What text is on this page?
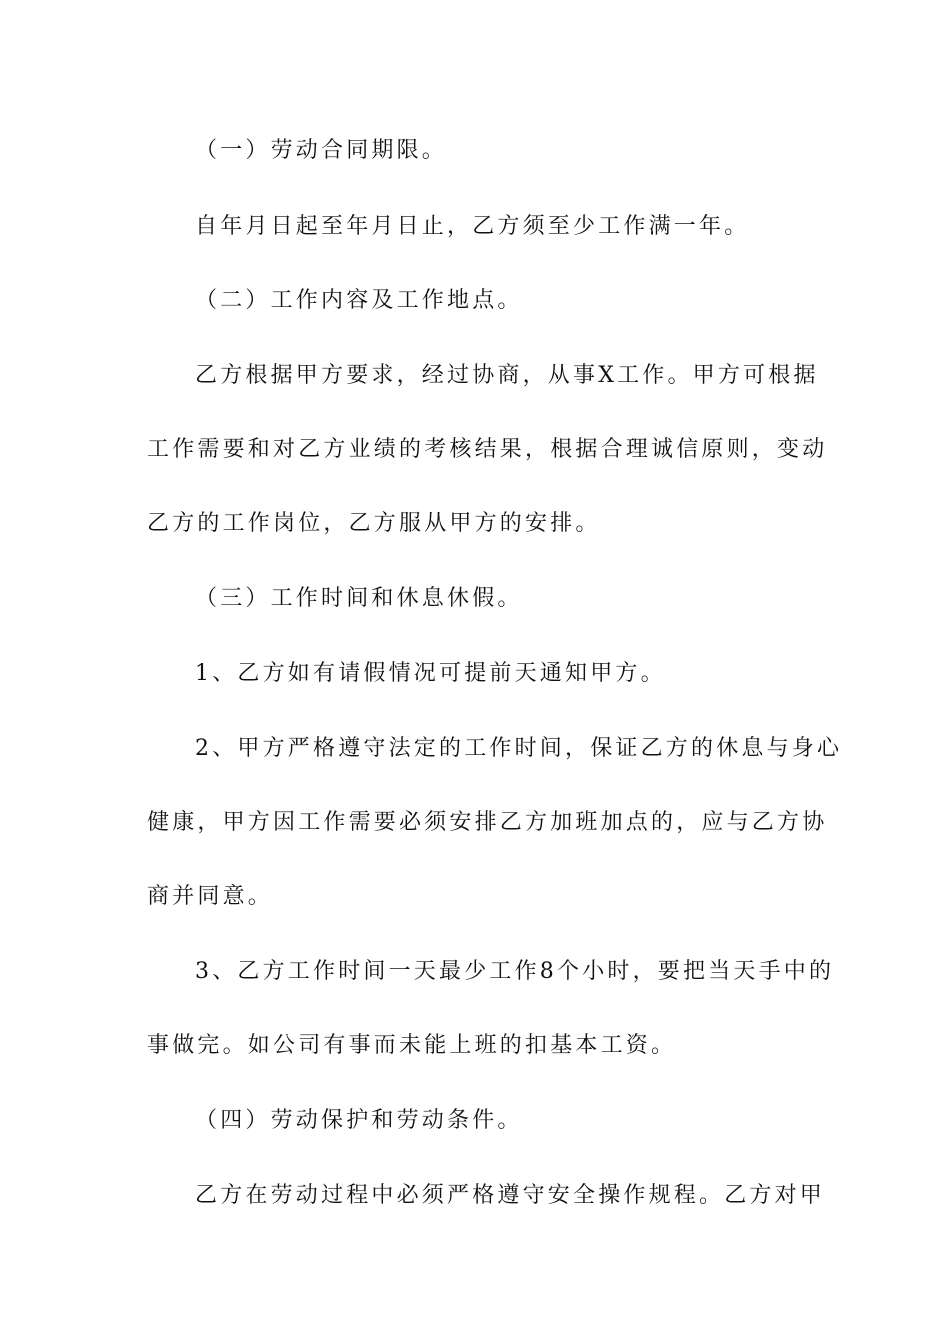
（一）劳动合同期限。
自年月日起至年月日止，乙方须至少工作满一年。
（二）工作内容及工作地点。
乙方根据甲方要求，经过协商，从事X工作。甲方可根据
工作需要和对乙方业绩的考核结果，根据合理诚信原则，变动
乙方的工作岗位，乙方服从甲方的安排。
（三）工作时间和休息休假。
1、乙方如有请假情况可提前天通知甲方。
2、甲方严格遵守法定的工作时间，保证乙方的休息与身心
健康，甲方因工作需要必须安排乙方加班加点的，应与乙方协
商并同意。
3、乙方工作时间一天最少工作8个小时，要把当天手中的
事做完。如公司有事而未能上班的扣基本工资。
（四）劳动保护和劳动条件。
乙方在劳动过程中必须严格遵守安全操作规程。乙方对甲
